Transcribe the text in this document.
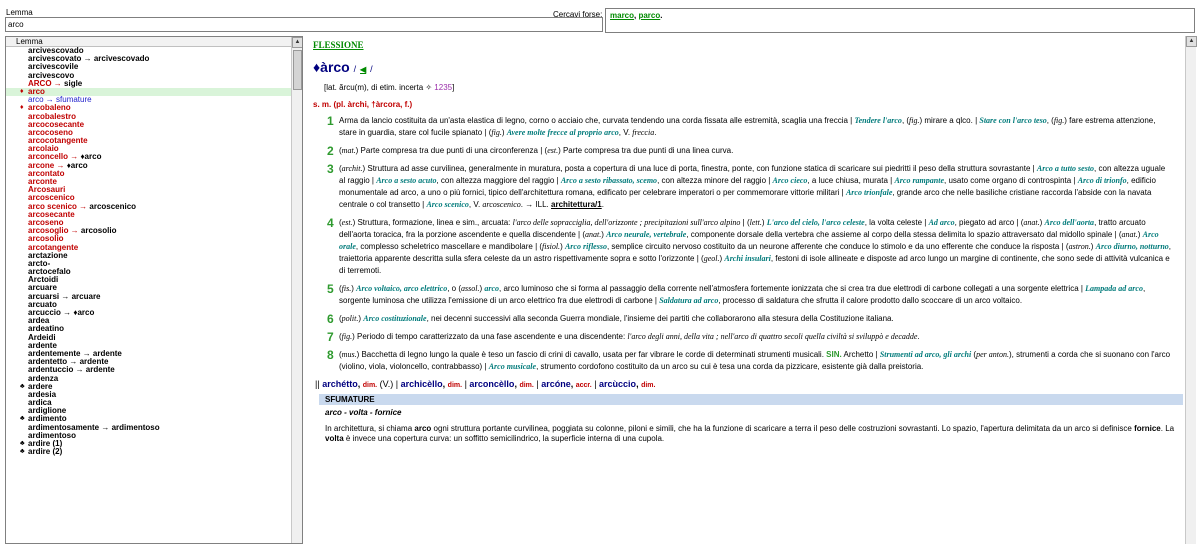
Lemma
arco	Cercavi forse: marco, parco.
Lemma
arcivescovado
arcivescovato → arcivescovado
arcivescovile
arcivescovo
ARCO → sigle
♦ arco
arco → sfumature
♦ arcobaleno
arcobalestro
arcocosecante
arcocoseno
arcocotangente
arcolaio
arconcello → ♦arco
arcone → ♦arco
arcontato
arconte
Arcosauri
arcoscenico
arco scenico → arcoscenico
arcosecante
arcoseno
arcosoglio → arcosolio
arcosolio
arcotangente
arctazione
arcto-
arctocefalo
Arctoidi
arcuare
arcuarsi → arcuare
arcuato
arcuccio → ♦arco
ardea
ardeatino
Ardeidi
ardente
ardentemente → ardente
ardentetto → ardente
ardentuccio → ardente
ardenza
♣ ardere
ardesia
ardica
ardiglione
♣ ardimento
ardimentosamente → ardimentoso
ardimentoso
♣ ardire (1)
♣ ardire (2)
▲ FLESSIONE
♦àrco / ◀ /
[lat. ărcu(m), di etim. incerta ✧ 1235]
s. m. (pl. àrchi, †àrcora, f.)
1 Arma da lancio costituita da un'asta elastica di legno, corno o acciaio che, curvata tendendo una corda fissata alle estremità, scaglia una freccia | Tendere l'arco, (fig.) mirare a qlco. | Stare con l'arco teso, (fig.) fare estrema attenzione, stare in guardia, stare col fucile spianato | (fig.) Avere molte frecce al proprio arco, V. freccia.
2 (mat.) Parte compresa tra due punti di una circonferenza | (est.) Parte compresa tra due punti di una linea curva.
3 (archit.) Struttura ad asse curvilinea, generalmente in muratura, posta a copertura di una luce di porta, finestra, ponte, con funzione statica di scaricare sui piedritti il peso della struttura sovrastante | Arco a tutto sesto, con altezza uguale al raggio | Arco a sesto acuto, con altezza maggiore del raggio | Arco a sesto ribassato, scemo, con altezza minore del raggio | Arco cieco, a luce chiusa, murata | Arco rampante, usato come organo di controspinta | Arco di trionfo, edificio monumentale ad arco, a uno o più fornici, tipico dell'architettura romana, edificato per celebrare imperatori o per commemorare vittorie militari | Arco trionfale, grande arco che nelle basiliche cristiane raccorda l'abside con la navata centrale o col transetto | Arco scenico, V. arcoscenico. → ILL. architettura/1.
4 (est.) Struttura, formazione, linea e sim., arcuata: l'arco delle sopracciglia, dell'orizzonte ; precipitazioni sull'arco alpino | (lett.) L'arco del cielo, l'arco celeste, la volta celeste | Ad arco, piegato ad arco | (anat.) Arco dell'aorta, tratto arcuato dell'aorta toracica, fra la porzione ascendente e quella discendente | (anat.) Arco neurale, vertebrale, componente dorsale della vertebra che assieme al corpo della stessa delimita lo spazio attraversato dal midollo spinale | (anat.) Arco orale, complesso scheletrico mascellare e mandibolare | (fisiol.) Arco riflesso, semplice circuito nervoso costituito da un neurone afferente che conduce lo stimolo e da uno efferente che conduce la risposta | (astron.) Arco diurno, notturno, traiettoria apparente descritta sulla sfera celeste da un astro rispettivamente sopra e sotto l'orizzonte | (geol.) Archi insulari, festoni di isole allineate e disposte ad arco lungo un margine di continente, che sono sede di attività vulcanica e di terremoti.
5 (fis.) Arco voltaico, arco elettrico, o (assol.) arco, arco luminoso che si forma al passaggio della corrente nell'atmosfera fortemente ionizzata che si crea tra due elettrodi di carbone collegati a una sorgente elettrica | Lampada ad arco, sorgente luminosa che utilizza l'emissione di un arco elettrico fra due elettrodi di carbone | Saldatura ad arco, processo di saldatura che sfrutta il calore prodotto dallo scoccare di un arco voltaico.
6 (polit.) Arco costituzionale, nei decenni successivi alla seconda Guerra mondiale, l'insieme dei partiti che collaborarono alla stesura della Costituzione italiana.
7 (fig.) Periodo di tempo caratterizzato da una fase ascendente e una discendente: l'arco degli anni, della vita ; nell'arco di quattro secoli quella civiltà si sviluppò e decadde.
8 (mus.) Bacchetta di legno lungo la quale è teso un fascio di crini di cavallo, usata per far vibrare le corde di determinati strumenti musicali. SIN. Archetto | Strumenti ad arco, gli archi (per anton.), strumenti a corda che si suonano con l'arco (violino, viola, violoncello, contrabbasso) | Arco musicale, strumento cordofono costituito da un arco su cui è tesa una corda da pizzicare, esistente già dalla preistoria.
|| archétto, dim. (V.) | archicèllo, dim. | arconcèllo, dim. | arcóne, accr. | arcùccio, dim.
SFUMATURE
arco - volta - fornice
In architettura, si chiama arco ogni struttura portante curvilinea, poggiata su colonne, piloni e simili, che ha la funzione di scaricare a terra il peso delle costruzioni sovrastanti. Lo spazio, l'apertura delimitata da un arco si definisce fornice. La volta è invece una copertura curva: un soffitto semicilindrico, la superficie interna di una cupola.
▲
